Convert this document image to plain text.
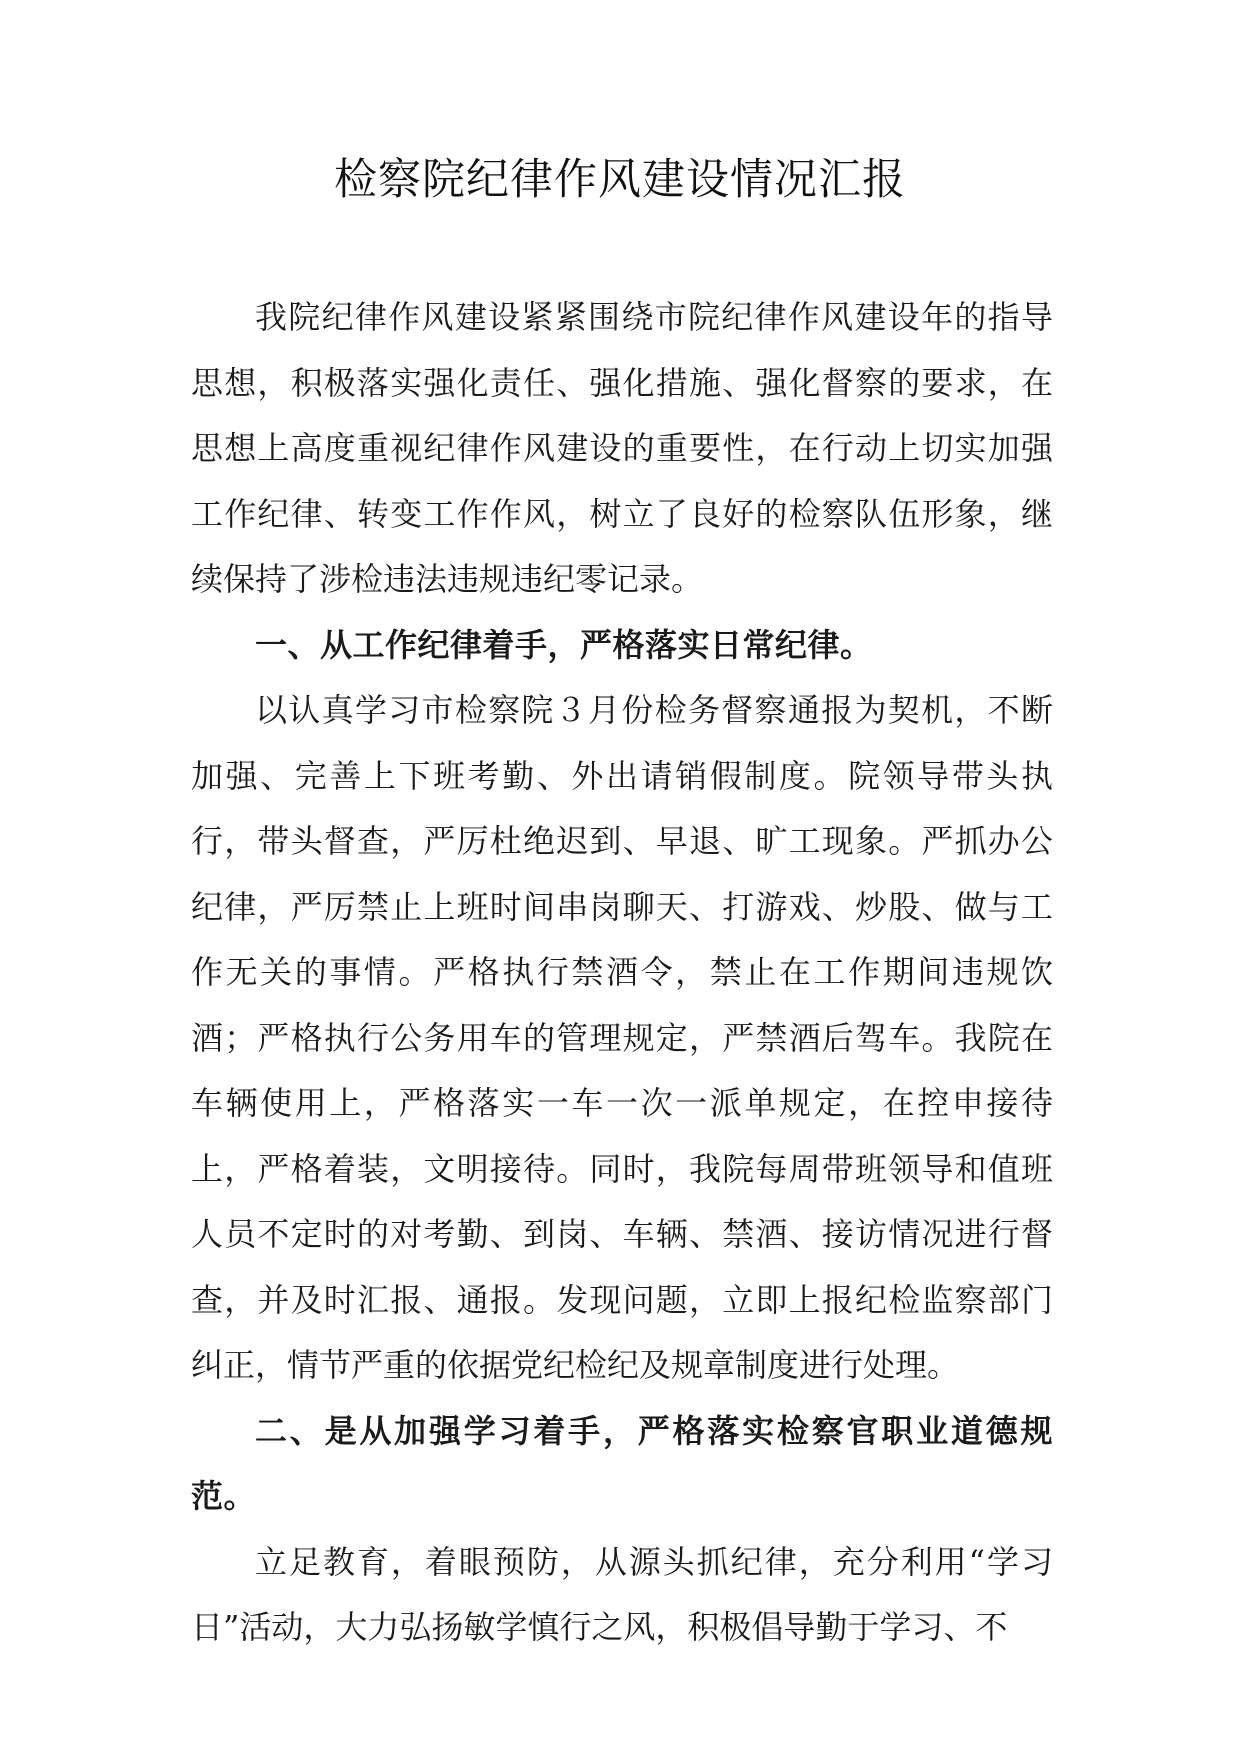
检察院纪律作风建设情况汇报

我院纪律作风建设紧紧围绕市院纪律作风建设年的指导思想，积极落实强化责任、强化措施、强化督察的要求，在思想上高度重视纪律作风建设的重要性，在行动上切实加强工作纪律、转变工作作风，树立了良好的检察队伍形象，继续保持了涉检违法违规违纪零记录。

一、从工作纪律着手，严格落实日常纪律。

以认真学习市检察院３月份检务督察通报为契机，不断加强、完善上下班考勤、外出请销假制度。院领导带头执行，带头督查，严厉杜绝迟到、早退、旷工现象。严抓办公纪律，严厉禁止上班时间串岗聊天、打游戏、炒股、做与工作无关的事情。严格执行禁酒令，禁止在工作期间违规饮酒；严格执行公务用车的管理规定，严禁酒后驾车。我院在车辆使用上，严格落实一车一次一派单规定，在控申接待上，严格着装，文明接待。同时，我院每周带班领导和值班人员不定时的对考勤、到岗、车辆、禁酒、接访情况进行督查，并及时汇报、通报。发现问题，立即上报纪检监察部门纠正，情节严重的依据党纪检纪及规章制度进行处理。

二、是从加强学习着手，严格落实检察官职业道德规范。

立足教育，着眼预防，从源头抓纪律，充分利用“学习日”活动，大力弘扬敏学慎行之风，积极倡导勤于学习、不
